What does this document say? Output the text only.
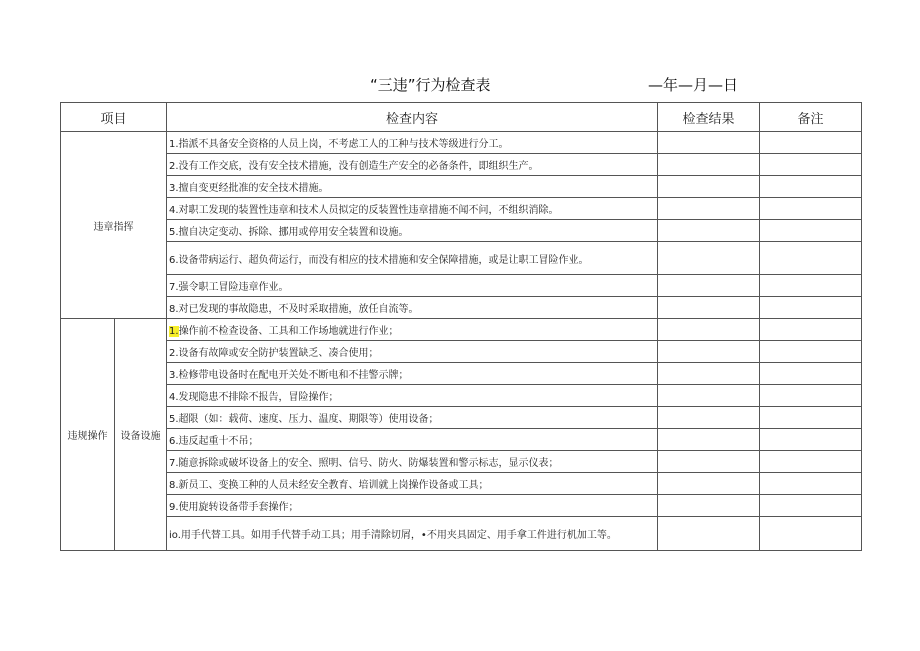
“三违”行为检查表	—年—月—日
项目		检查内容	检查结果	备注
违章指挥		1.指派不具备安全资格的人员上岗，不考虑工人的工种与技术等级进行分工。		
		2.没有工作交底，没有安全技术措施，没有创造生产安全的必备条件，即组织生产。		
		3.擅自变更经批准的安全技术措施。		
		4.对职工发现的装置性违章和技术人员拟定的反装置性违章措施不闻不问，不组织消除。		
		5.擅自决定变动、拆除、挪用或停用安全装置和设施。		
		6.设备带病运行、超负荷运行，而没有相应的技术措施和安全保障措施，或是让职工冒险作业。		
		7.强令职工冒险违章作业。		
		8.对已发现的事故隐患，不及时采取措施，放任自流等。		
违规操作	设备设施	1.操作前不检查设备、工具和工作场地就进行作业；		
		2.设备有故障或安全防护装置缺乏、凑合使用；		
		3.检修带电设备时在配电开关处不断电和不挂警示牌；		
		4.发现隐患不排除不报告，冒险操作；		
		5.超限（如：载荷、速度、压力、温度、期限等）使用设备；		
		6.违反起重十不吊；		
		7.随意拆除或破坏设备上的安全、照明、信号、防火、防爆装置和警示标志，显示仪表；		
		8.新员工、变换工种的人员未经安全教育、培训就上岗操作设备或工具；		
		9.使用旋转设备带手套操作；		
		io.用手代替工具。如用手代替手动工具；用手清除切屑，•不用夹具固定、用手拿工件进行机加工等。		
